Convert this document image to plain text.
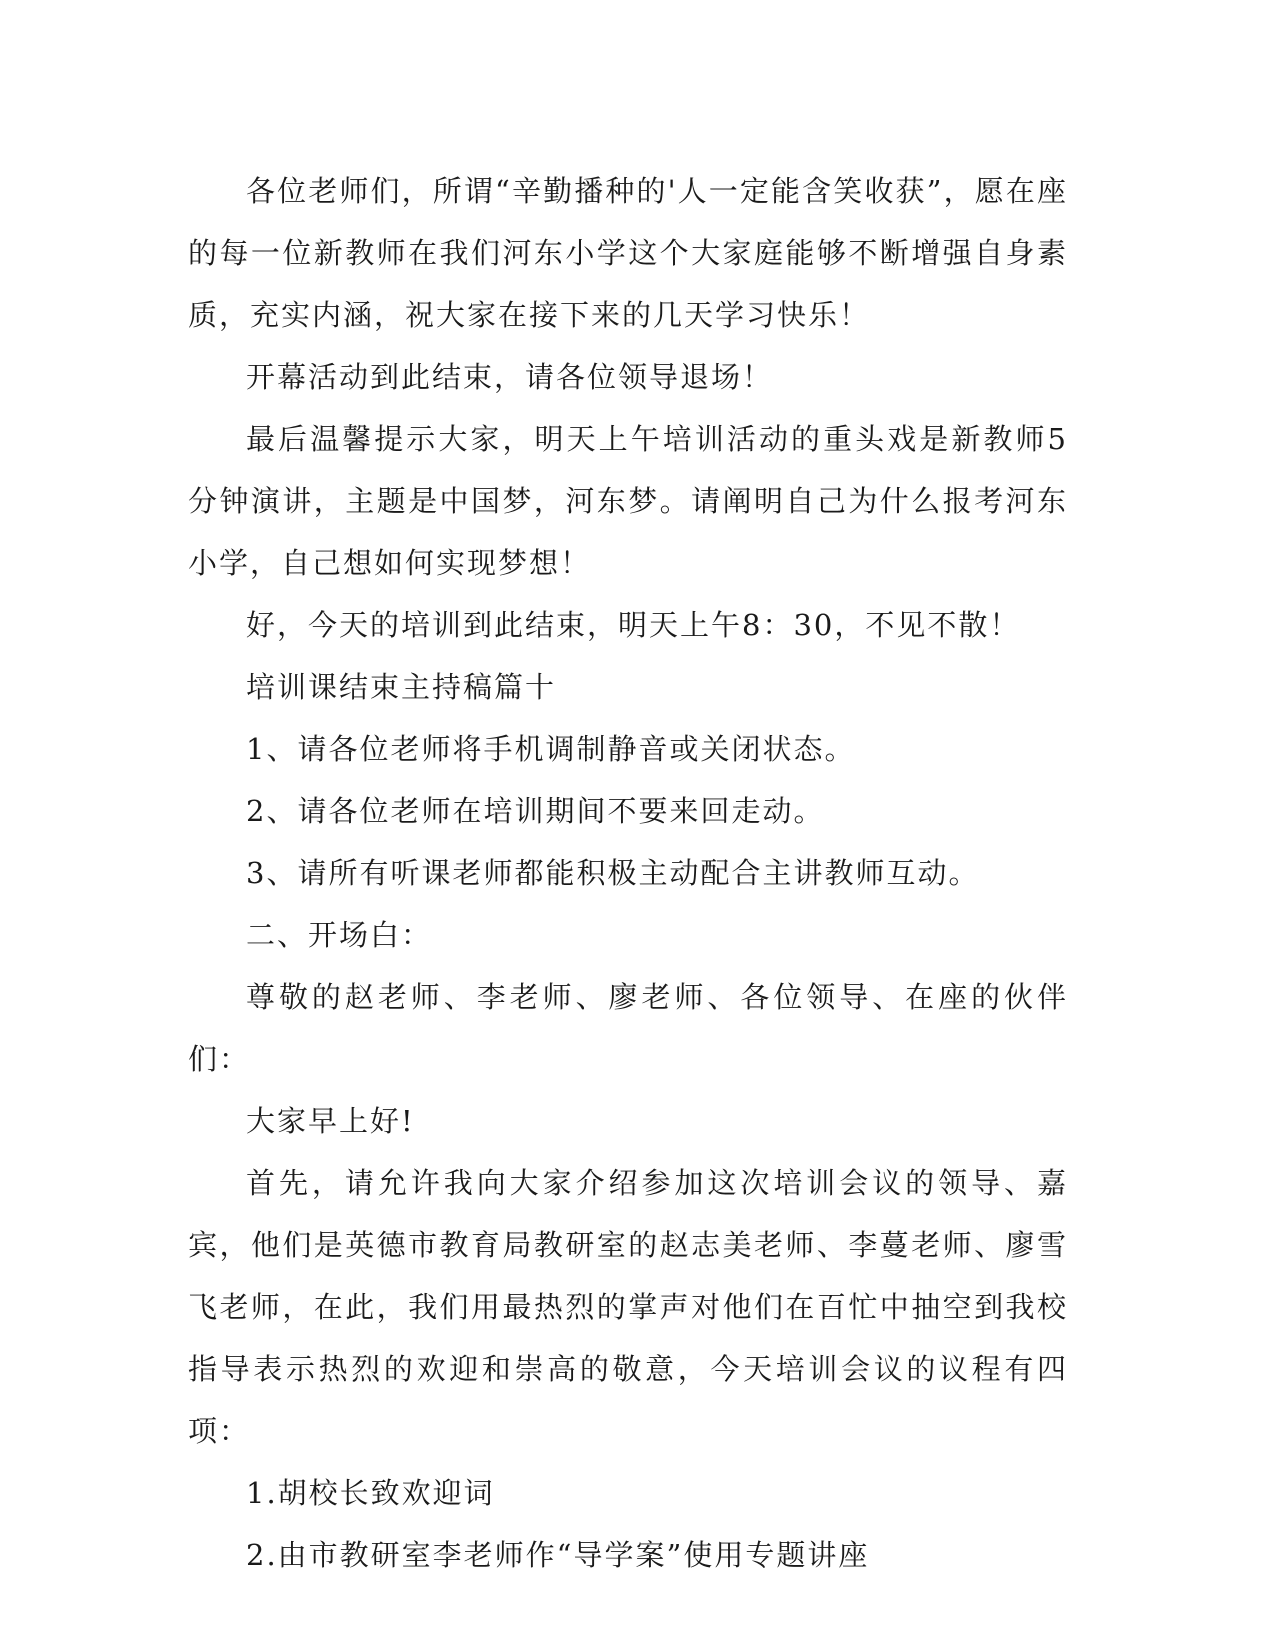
各位老师们，所谓“辛勤播种的'人一定能含笑收获”，愿在座的每一位新教师在我们河东小学这个大家庭能够不断增强自身素质，充实内涵，祝大家在接下来的几天学习快乐！

开幕活动到此结束，请各位领导退场！

最后温馨提示大家，明天上午培训活动的重头戏是新教师5分钟演讲，主题是中国梦，河东梦。请阐明自己为什么报考河东小学，自己想如何实现梦想！

好，今天的培训到此结束，明天上午8：30，不见不散！

培训课结束主持稿篇十

1、请各位老师将手机调制静音或关闭状态。

2、请各位老师在培训期间不要来回走动。

3、请所有听课老师都能积极主动配合主讲教师互动。

二、开场白：

尊敬的赵老师、李老师、廖老师、各位领导、在座的伙伴们：

大家早上好!

首先，请允许我向大家介绍参加这次培训会议的领导、嘉宾，他们是英德市教育局教研室的赵志美老师、李蔓老师、廖雪飞老师，在此，我们用最热烈的掌声对他们在百忙中抽空到我校指导表示热烈的欢迎和崇高的敬意，今天培训会议的议程有四项：

1.胡校长致欢迎词

2.由市教研室李老师作“导学案”使用专题讲座
